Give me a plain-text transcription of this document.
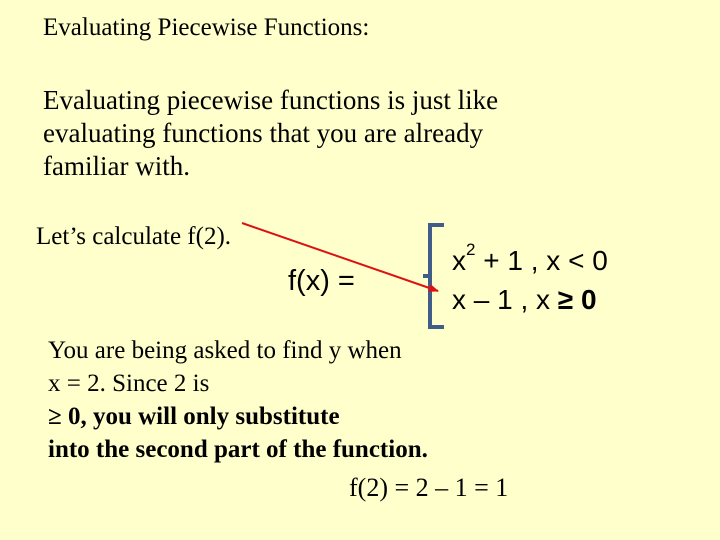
Evaluating Piecewise Functions:
Evaluating piecewise functions is just like
evaluating functions that you are already
familiar with.
Let’s calculate f(2).
f(x) =
$x^2 + 1$ , x < 0
x – 1 , x ≥ 0
You are being asked to find y when
x = 2. Since 2 is
≥ 0, you will only substitute
into the second part of the function.
f(2) = 2 – 1 = 1
